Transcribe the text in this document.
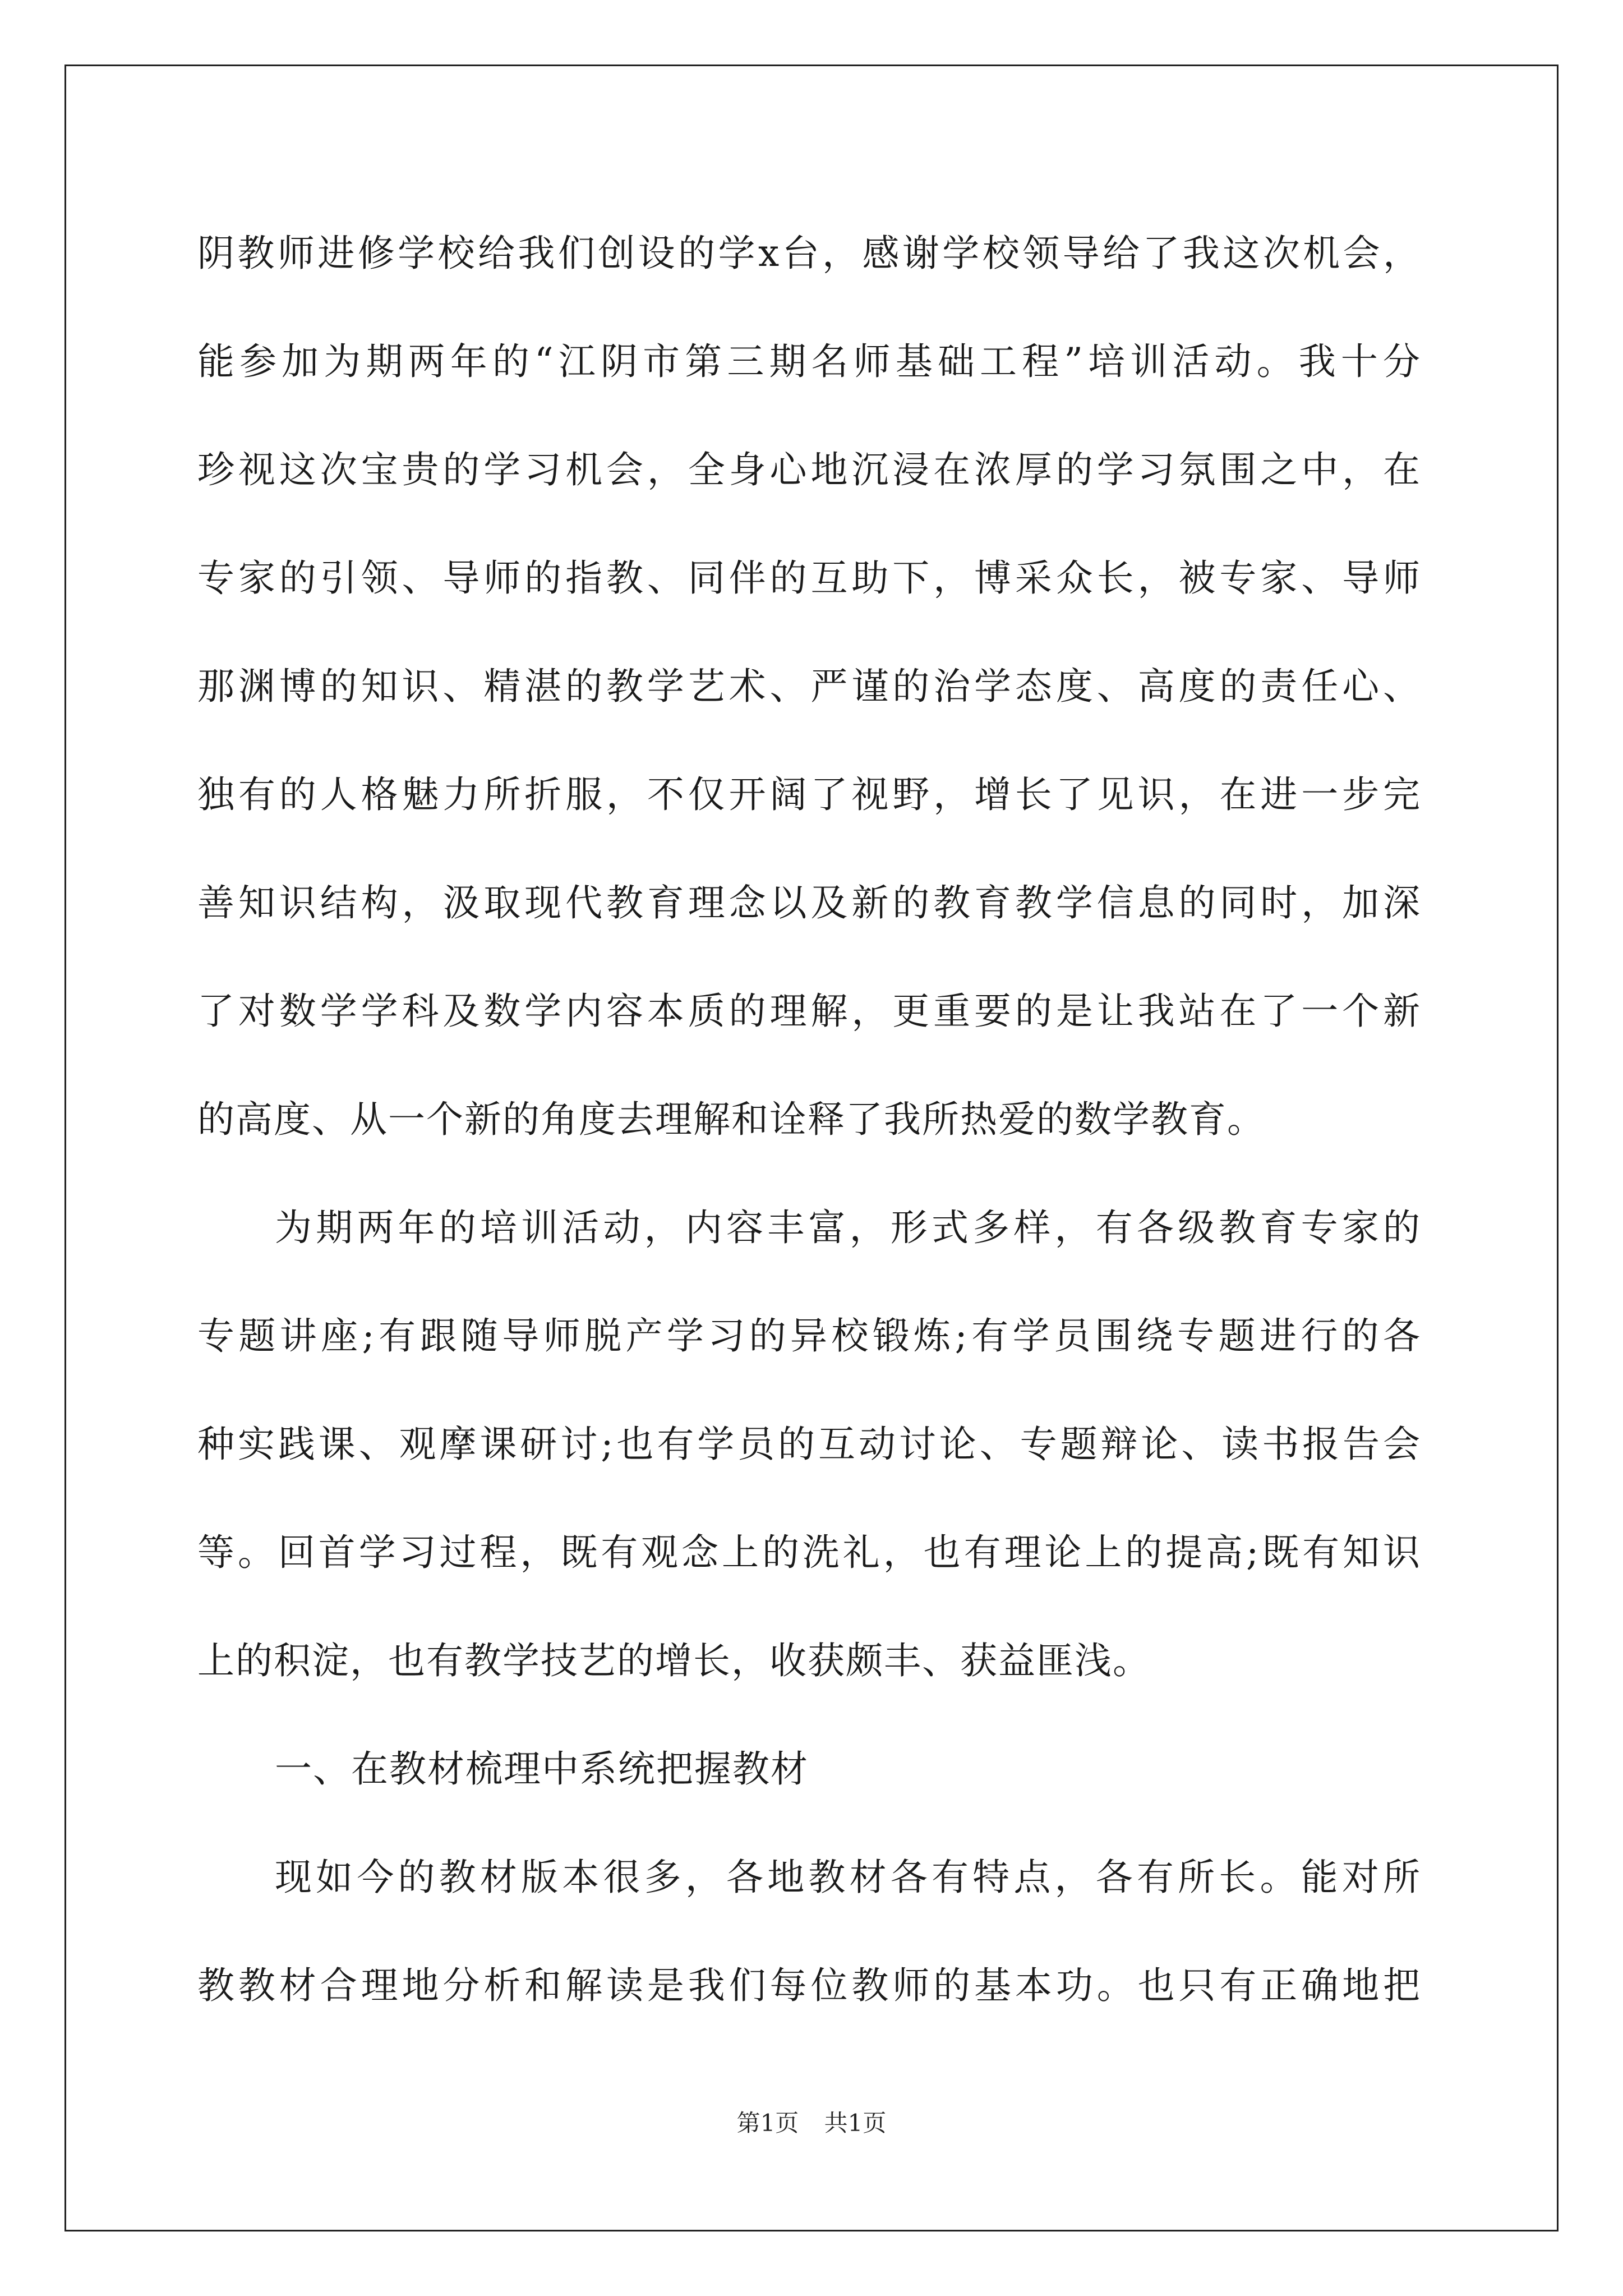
阴教师进修学校给我们创设的学x台，感谢学校领导给了我这次机会，
能参加为期两年的“江阴市第三期名师基础工程”培训活动。我十分
珍视这次宝贵的学习机会，全身心地沉浸在浓厚的学习氛围之中，在
专家的引领、导师的指教、同伴的互助下，博采众长，被专家、导师
那渊博的知识、精湛的教学艺术、严谨的治学态度、高度的责任心、
独有的人格魅力所折服，不仅开阔了视野，增长了见识，在进一步完
善知识结构，汲取现代教育理念以及新的教育教学信息的同时，加深
了对数学学科及数学内容本质的理解，更重要的是让我站在了一个新
的高度、从一个新的角度去理解和诠释了我所热爱的数学教育。
为期两年的培训活动，内容丰富，形式多样，有各级教育专家的
专题讲座;有跟随导师脱产学习的异校锻炼;有学员围绕专题进行的各
种实践课、观摩课研讨;也有学员的互动讨论、专题辩论、读书报告会
等。回首学习过程，既有观念上的洗礼，也有理论上的提高;既有知识
上的积淀，也有教学技艺的增长，收获颇丰、获益匪浅。
一、在教材梳理中系统把握教材
现如今的教材版本很多，各地教材各有特点，各有所长。能对所
教教材合理地分析和解读是我们每位教师的基本功。也只有正确地把
第1页 共1页
